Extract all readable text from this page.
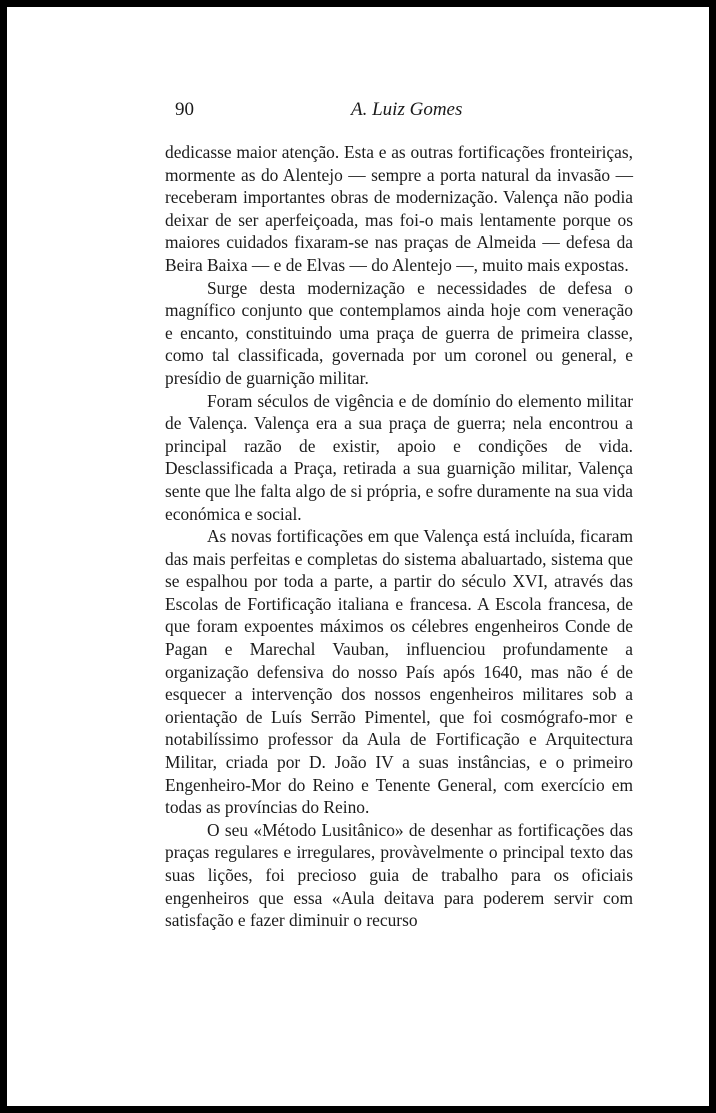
90	A. Luiz Gomes

dedicasse maior atenção. Esta e as outras fortificações fronteiriças, mormente as do Alentejo — sempre a porta natural da invasão — receberam importantes obras de modernização. Valença não podia deixar de ser aperfeiçoada, mas foi-o mais lentamente porque os maiores cuidados fixaram-se nas praças de Almeida — defesa da Beira Baixa — e de Elvas — do Alentejo —, muito mais expostas.

Surge desta modernização e necessidades de defesa o magnífico conjunto que contemplamos ainda hoje com veneração e encanto, constituindo uma praça de guerra de primeira classe, como tal classificada, governada por um coronel ou general, e presídio de guarnição militar.

Foram séculos de vigência e de domínio do elemento militar de Valença. Valença era a sua praça de guerra; nela encontrou a principal razão de existir, apoio e condições de vida. Desclassificada a Praça, retirada a sua guarnição militar, Valença sente que lhe falta algo de si própria, e sofre duramente na sua vida económica e social.

As novas fortificações em que Valença está incluída, ficaram das mais perfeitas e completas do sistema abaluartado, sistema que se espalhou por toda a parte, a partir do século XVI, através das Escolas de Fortificação italiana e francesa. A Escola francesa, de que foram expoentes máximos os célebres engenheiros Conde de Pagan e Marechal Vauban, influenciou profundamente a organização defensiva do nosso País após 1640, mas não é de esquecer a intervenção dos nossos engenheiros militares sob a orientação de Luís Serrão Pimentel, que foi cosmógrafo-mor e notabilíssimo professor da Aula de Fortificação e Arquitectura Militar, criada por D. João IV a suas instâncias, e o primeiro Engenheiro-Mor do Reino e Tenente General, com exercício em todas as províncias do Reino.

O seu «Método Lusitânico» de desenhar as fortificações das praças regulares e irregulares, provàvelmente o principal texto das suas lições, foi precioso guia de trabalho para os oficiais engenheiros que essa «Aula deitava para poderem servir com satisfação e fazer diminuir o recurso
